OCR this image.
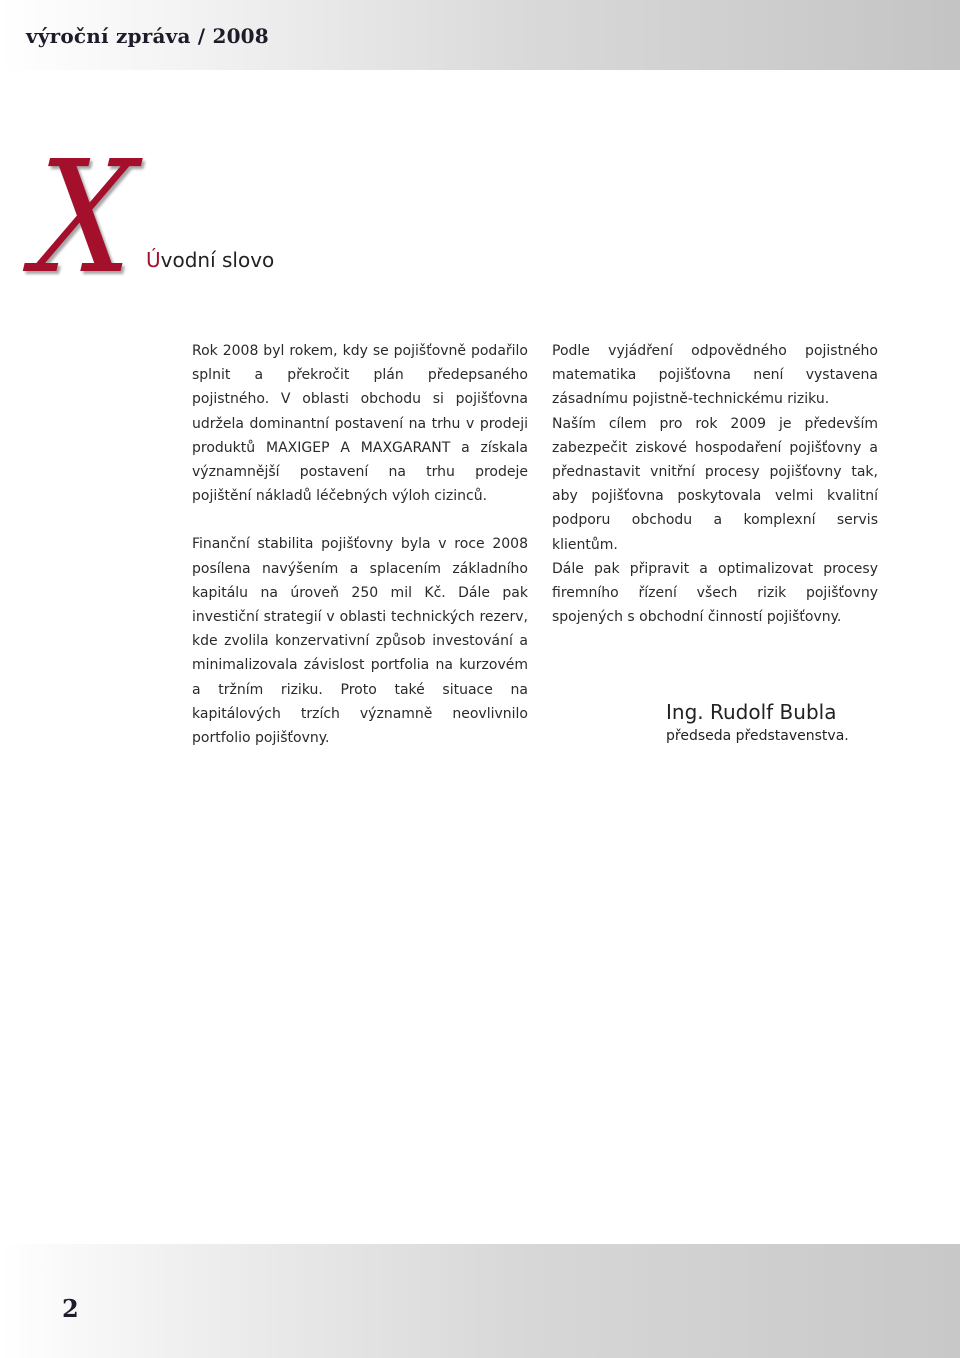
výroční zpráva / 2008
X Úvodní slovo

Rok 2008 byl rokem, kdy se pojišťovně podařilo splnit a překročit plán předepsaného pojistného. V oblasti obchodu si pojišťovna udržela dominantní postavení na trhu v prodeji produktů MAXIGEP A MAXGARANT a získala významnější postavení na trhu prodeje pojištění nákladů léčebných výloh cizinců.

Finanční stabilita pojišťovny byla v roce 2008 posílena navýšením a splacením základního kapitálu na úroveň 250 mil Kč. Dále pak investiční strategií v oblasti technických rezerv, kde zvolila konzervativní způsob investování a minimalizovala závislost portfolia na kurzovém a tržním riziku. Proto také situace na kapitálových trzích významně neovlivnilo portfolio pojišťovny.

Podle vyjádření odpovědného pojistného matematika pojišťovna není vystavena zásadnímu pojistně-technickému riziku.

Naším cílem pro rok 2009 je především zabezpečit ziskové hospodaření pojišťovny a přednastavit vnitřní procesy pojišťovny tak, aby pojišťovna poskytovala velmi kvalitní podporu obchodu a komplexní servis klientům.

Dále pak připravit a optimalizovat procesy firemního řízení všech rizik pojišťovny spojených s obchodní činností pojišťovny.

Ing. Rudolf Bubla
předseda představenstva.
2
